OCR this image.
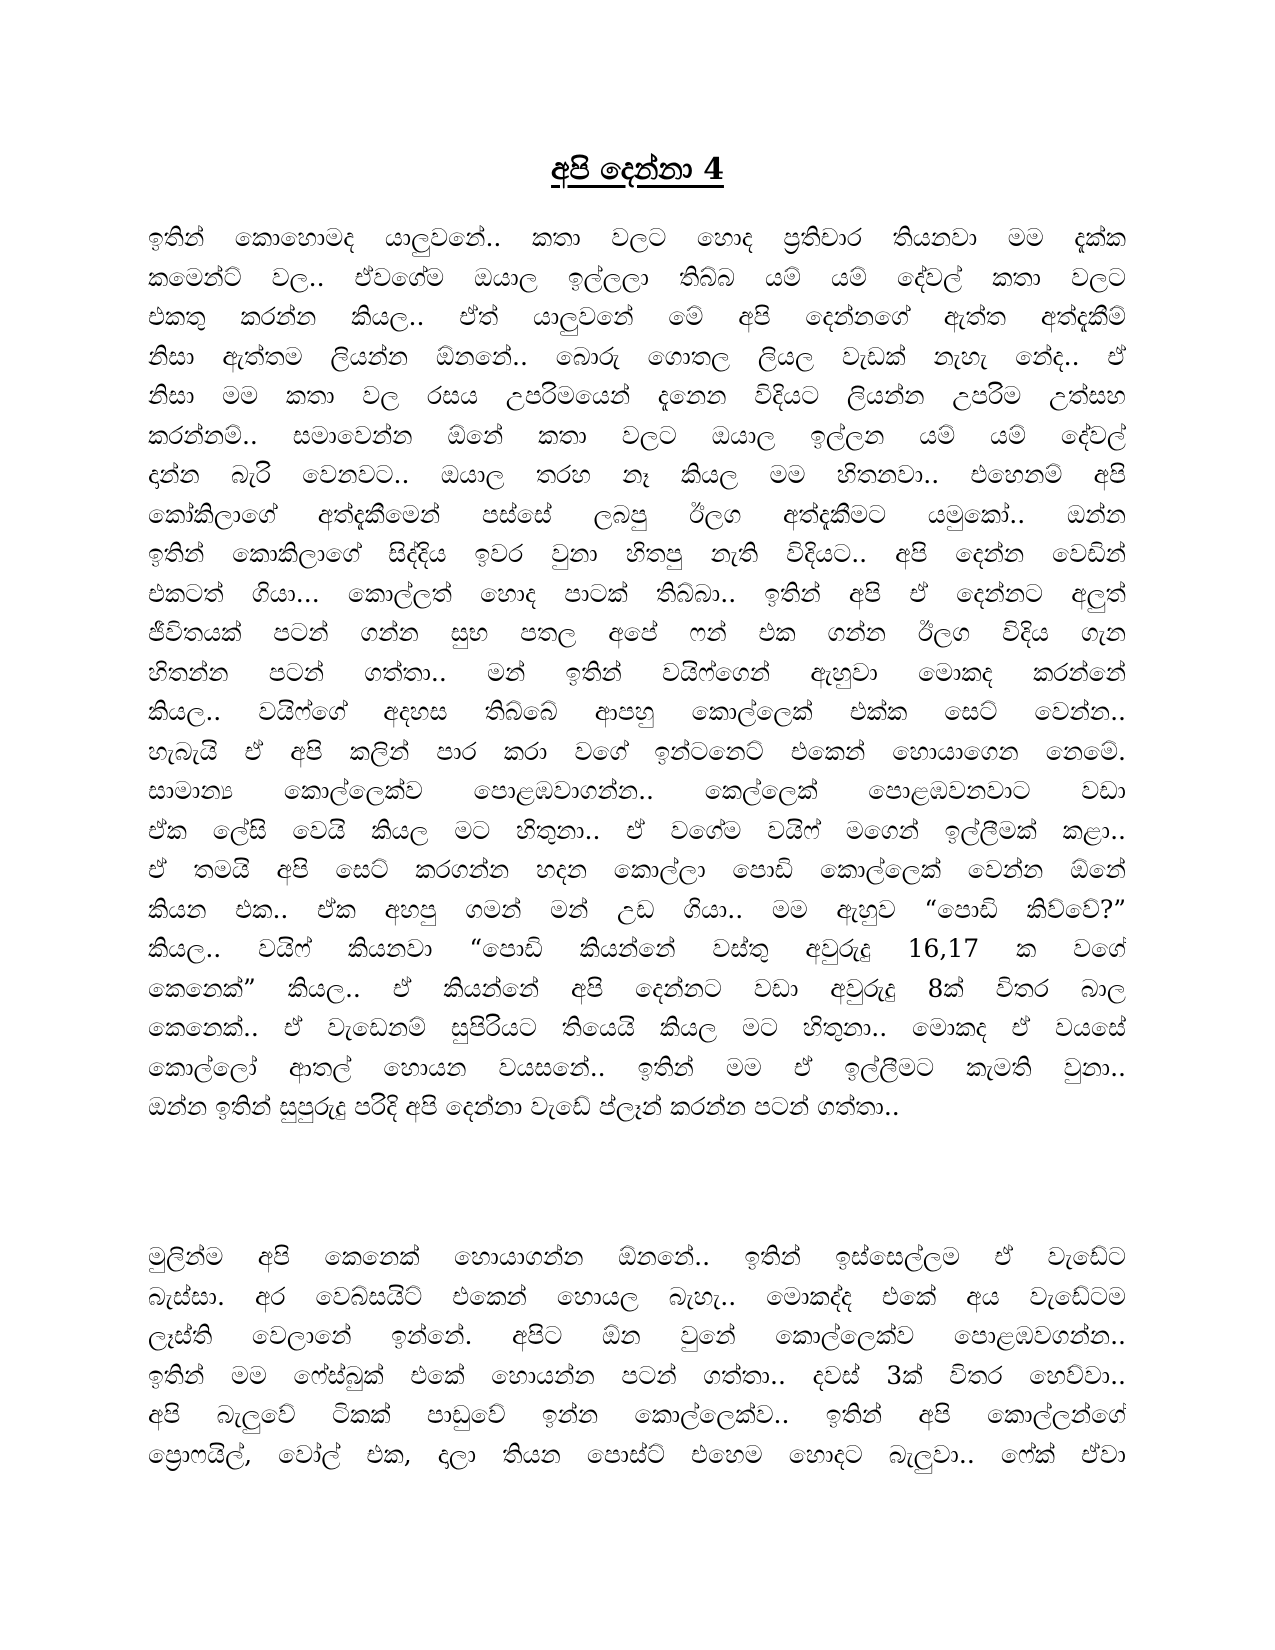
අපි දෙන්නා 4
ඉතින් කොහොමද යාලුවනේ.. කතා වලට හොද ප්‍රතිචාර තියනවා මම දැක්ක
කමෙන්ට් වල.. ඒවගේම ඔයාල ඉල්ලලා තිබ්බ යම් යම් දේවල් කතා වලට
එකතු කරන්න කියල.. ඒත් යාලුවනේ මේ අපි දෙන්නගේ ඇත්ත අත්දැකීම්
නිසා ඇත්තම ලියන්න ඕනනේ.. බොරු ගොතල ලියල වැඩක් නැහැ නේද.. ඒ
නිසා මම කතා වල රසය උපරිමයෙන් දැනෙන විදියට ලියන්න උපරිම උත්සහ
කරන්නම්.. සමාවෙන්න ඕනේ කතා වලට ඔයාල ඉල්ලන යම් යම් දේවල්
දාන්න බැරි වෙනවට.. ඔයාල තරහ නෑ කියල මම හිතනවා.. එහෙනම් අපි
කෝකිලාගේ අත්දැකීමෙන් පස්සේ ලබපු ඊලග අත්දැකීමට යමුකෝ.. ඔන්න
ඉතින් කොකිලාගේ සිද්දිය ඉවර වුනා හිතපු නැති විදියට.. අපි දෙන්න වෙඩින්
එකටත් ගියා... කොල්ලත් හොද පාටක් තිබ්බා.. ඉතින් අපි ඒ දෙන්නට අලුත්
ජීවිතයක් පටන් ගන්න සුභ පතල අපේ ෆන් එක ගන්න ඊලග විදිය ගැන
හිතන්න පටන් ගත්තා.. මන් ඉතින් වයිෆ්ගෙන් ඇහුවා මොකද කරන්නේ
කියල.. වයිෆ්ගේ අදහස තිබ්බේ ආපහු කොල්ලෙක් එක්ක සෙට් වෙන්න..
හැබැයි ඒ අපි කලින් පාර කරා වගේ ඉන්ටනෙට් එකෙන් හොයාගෙන නෙමේ.
සාමාන්‍ය කොල්ලෙක්ව පොළඹවාගන්න.. කෙල්ලෙක් පොළඹවනවාට වඩා
ඒක ලේසි වෙයි කියල මට හිතුනා.. ඒ වගේම වයිෆ් මගෙන් ඉල්ලීමක් කළා..
ඒ තමයි අපි සෙට් කරගන්න හදන කොල්ලා පොඩි කොල්ලෙක් වෙන්න ඕනේ
කියන එක.. ඒක අහපු ගමන් මන් උඩ ගියා.. මම ඇහුව “පොඩි කිව්වේ?”
කියල.. වයිෆ් කියනවා “පොඩි කියන්නේ වස්තු අවුරුදු 16,17 ක වගේ
කෙනෙක්” කියල.. ඒ කියන්නේ අපි දෙන්නට වඩා අවුරුදු 8ක් විතර බාල
කෙනෙක්.. ඒ වැඩෙනම් සුපිරියට තියෙයි කියල මට හිතුනා.. මොකද ඒ වයසේ
කොල්ලෝ ආතල් හොයන වයසනේ.. ඉතින් මම ඒ ඉල්ලීමට කැමති වුනා..
ඔන්න ඉතින් සුපුරුදු පරිදි අපි දෙන්නා වැඩේ ප්ලෑන් කරන්න පටන් ගත්තා..
මුලින්ම අපි කෙනෙක් හොයාගන්න ඕනනේ.. ඉතින් ඉස්සෙල්ලම ඒ වැඩේට
බැස්සා. අර වෙබ්සයිට් එකෙන් හොයල බැහැ.. මොකද්ද එකේ අය වැඩේටම
ලෑස්ති වෙලානේ ඉන්නේ. අපිට ඕන වුනේ කොල්ලෙක්ව පොළඹවගන්න..
ඉතින් මම ෆේස්බුක් එකේ හොයන්න පටන් ගත්තා.. දවස් 3ක් විතර හෙව්වා..
අපි බැලුවේ ටිකක් පාඩුවේ ඉන්න කොල්ලෙක්ව.. ඉතින් අපි කොල්ලන්ගේ
ප්‍රොෆයිල්, වෝල් එක, දාලා තියන පොස්ට් එහෙම හොදට බැලුවා.. ෆේක් ඒවා
